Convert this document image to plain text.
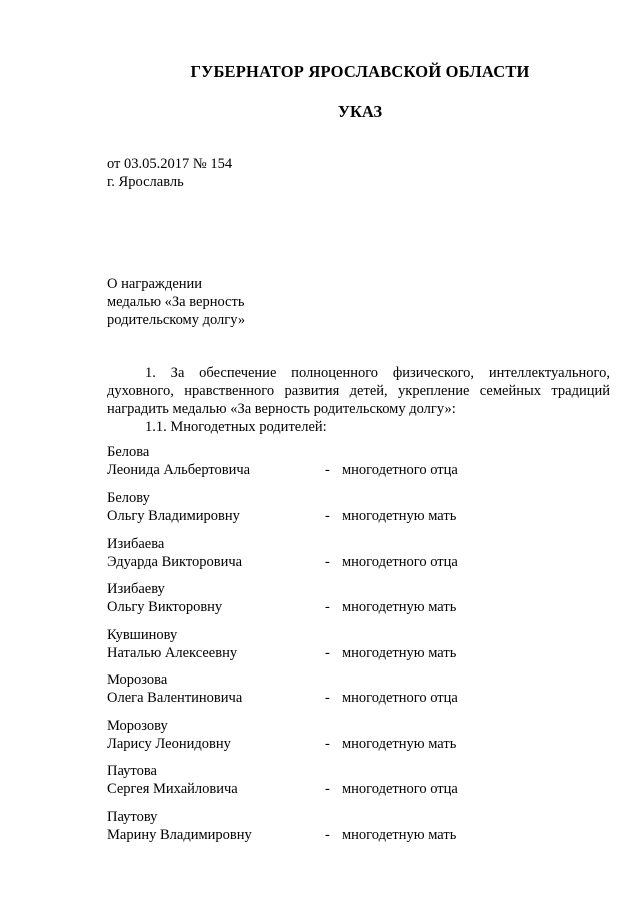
ГУБЕРНАТОР ЯРОСЛАВСКОЙ ОБЛАСТИ
УКАЗ
от 03.05.2017 № 154
г. Ярославль
О награждении
медалью «За верность
родительскому долгу»
1. За обеспечение полноценного физического, интеллектуального, духовного, нравственного развития детей, укрепление семейных традиций наградить медалью «За верность родительскому долгу»:
1.1. Многодетных родителей:
Белова
Леонида Альбертовича	- многодетного отца
Белову
Ольгу Владимировну	- многодетную мать
Изибаева
Эдуарда Викторовича	- многодетного отца
Изибаеву
Ольгу Викторовну	- многодетную мать
Кувшинову
Наталью Алексеевну	- многодетную мать
Морозова
Олега Валентиновича	- многодетного отца
Морозову
Ларису Леонидовну	- многодетную мать
Паутова
Сергея Михайловича	- многодетного отца
Паутову
Марину Владимировну	- многодетную мать
